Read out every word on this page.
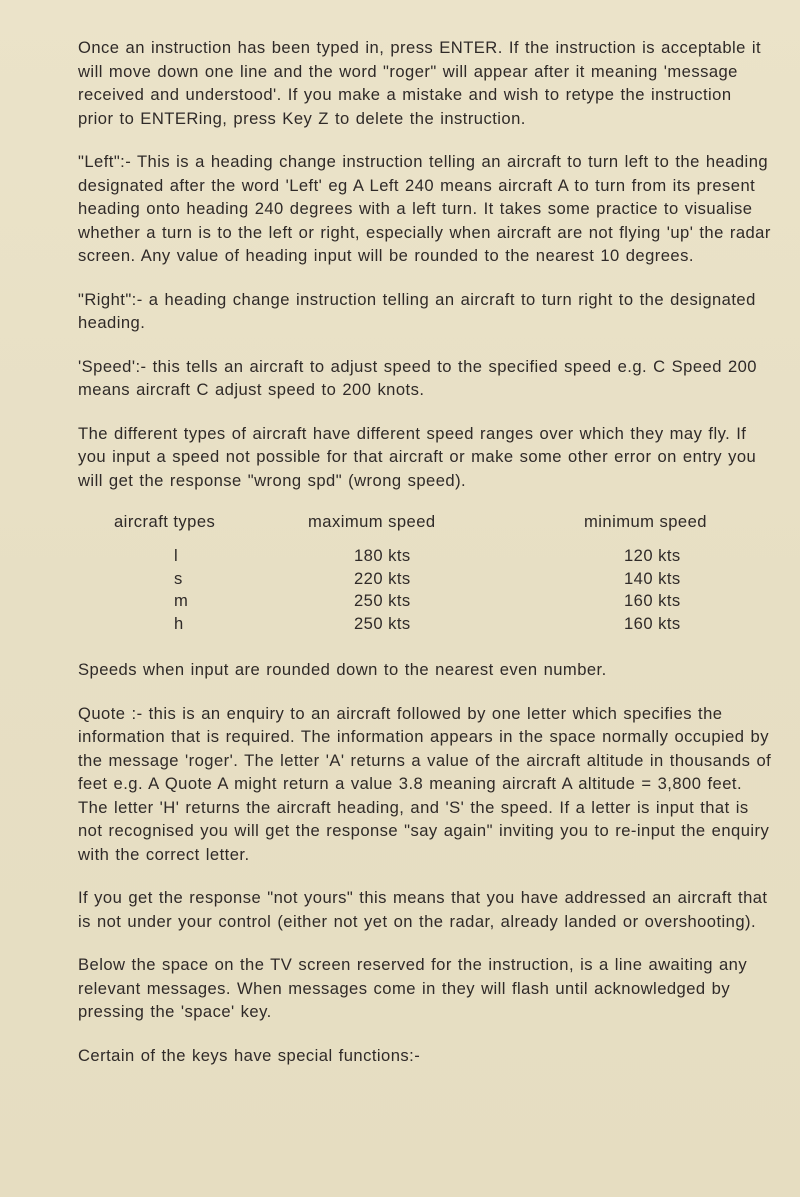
Once an instruction has been typed in, press ENTER. If the instruction is acceptable it will move down one line and the word "roger" will appear after it meaning 'message received and understood'. If you make a mistake and wish to retype the instruction prior to ENTERing, press Key Z to delete the instruction.

"Left":- This is a heading change instruction telling an aircraft to turn left to the heading designated after the word 'Left' eg A Left 240 means aircraft A to turn from its present heading onto heading 240 degrees with a left turn. It takes some practice to visualise whether a turn is to the left or right, especially when aircraft are not flying 'up' the radar screen. Any value of heading input will be rounded to the nearest 10 degrees.

"Right":- a heading change instruction telling an aircraft to turn right to the designated heading.

'Speed':- this tells an aircraft to adjust speed to the specified speed e.g. C Speed 200 means aircraft C adjust speed to 200 knots.

The different types of aircraft have different speed ranges over which they may fly. If you input a speed not possible for that aircraft or make some other error on entry you will get the response "wrong spd" (wrong speed).

aircraft types	maximum speed	minimum speed
l	180 kts	120 kts
s	220 kts	140 kts
m	250 kts	160 kts
h	250 kts	160 kts

Speeds when input are rounded down to the nearest even number.

Quote :- this is an enquiry to an aircraft followed by one letter which specifies the information that is required. The information appears in the space normally occupied by the message 'roger'. The letter 'A' returns a value of the aircraft altitude in thousands of feet e.g. A Quote A might return a value 3.8 meaning aircraft A altitude = 3,800 feet. The letter 'H' returns the aircraft heading, and 'S' the speed. If a letter is input that is not recognised you will get the response "say again" inviting you to re-input the enquiry with the correct letter.

If you get the response "not yours" this means that you have addressed an aircraft that is not under your control (either not yet on the radar, already landed or overshooting).

Below the space on the TV screen reserved for the instruction, is a line awaiting any relevant messages. When messages come in they will flash until acknowledged by pressing the 'space' key.

Certain of the keys have special functions:-
